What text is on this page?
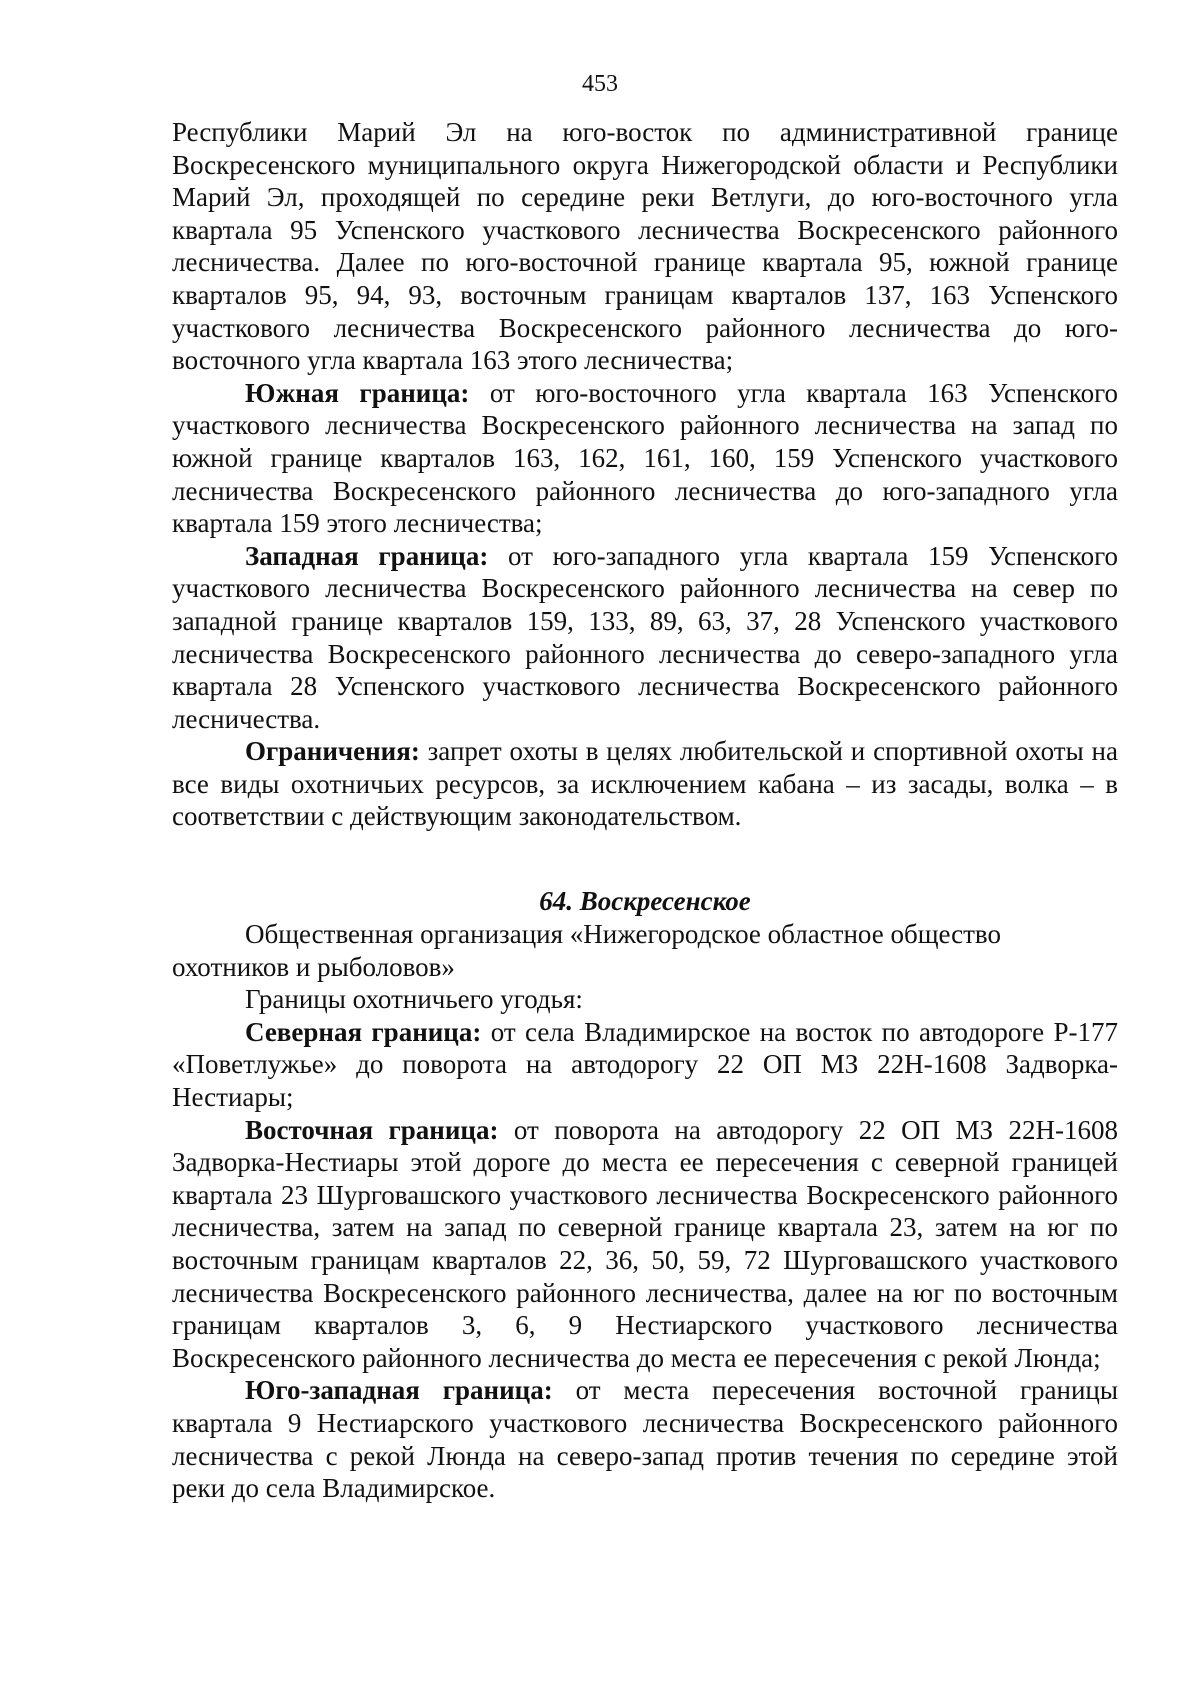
453

Республики Марий Эл на юго-восток по административной границе Воскресенского муниципального округа Нижегородской области и Республики Марий Эл, проходящей по середине реки Ветлуги, до юго-восточного угла квартала 95 Успенского участкового лесничества Воскресенского районного лесничества. Далее по юго-восточной границе квартала 95, южной границе кварталов 95, 94, 93, восточным границам кварталов 137, 163 Успенского участкового лесничества Воскресенского районного лесничества до юго-восточного угла квартала 163 этого лесничества;

Южная граница: от юго-восточного угла квартала 163 Успенского участкового лесничества Воскресенского районного лесничества на запад по южной границе кварталов 163, 162, 161, 160, 159 Успенского участкового лесничества Воскресенского районного лесничества до юго-западного угла квартала 159 этого лесничества;

Западная граница: от юго-западного угла квартала 159 Успенского участкового лесничества Воскресенского районного лесничества на север по западной границе кварталов 159, 133, 89, 63, 37, 28 Успенского участкового лесничества Воскресенского районного лесничества до северо-западного угла квартала 28 Успенского участкового лесничества Воскресенского районного лесничества.

Ограничения: запрет охоты в целях любительской и спортивной охоты на все виды охотничьих ресурсов, за исключением кабана – из засады, волка – в соответствии с действующим законодательством.

64. Воскресенское

Общественная организация «Нижегородское областное общество охотников и рыболовов»

Границы охотничьего угодья:

Северная граница: от села Владимирское на восток по автодороге Р-177 «Поветлужье» до поворота на автодорогу 22 ОП МЗ 22Н-1608 Задворка-Нестиары;

Восточная граница: от поворота на автодорогу 22 ОП МЗ 22Н-1608 Задворка-Нестиары этой дороге до места ее пересечения с северной границей квартала 23 Шурговашского участкового лесничества Воскресенского районного лесничества, затем на запад по северной границе квартала 23, затем на юг по восточным границам кварталов 22, 36, 50, 59, 72 Шурговашского участкового лесничества Воскресенского районного лесничества, далее на юг по восточным границам кварталов 3, 6, 9 Нестиарского участкового лесничества Воскресенского районного лесничества до места ее пересечения с рекой Люнда;

Юго-западная граница: от места пересечения восточной границы квартала 9 Нестиарского участкового лесничества Воскресенского районного лесничества с рекой Люнда на северо-запад против течения по середине этой реки до села Владимирское.
